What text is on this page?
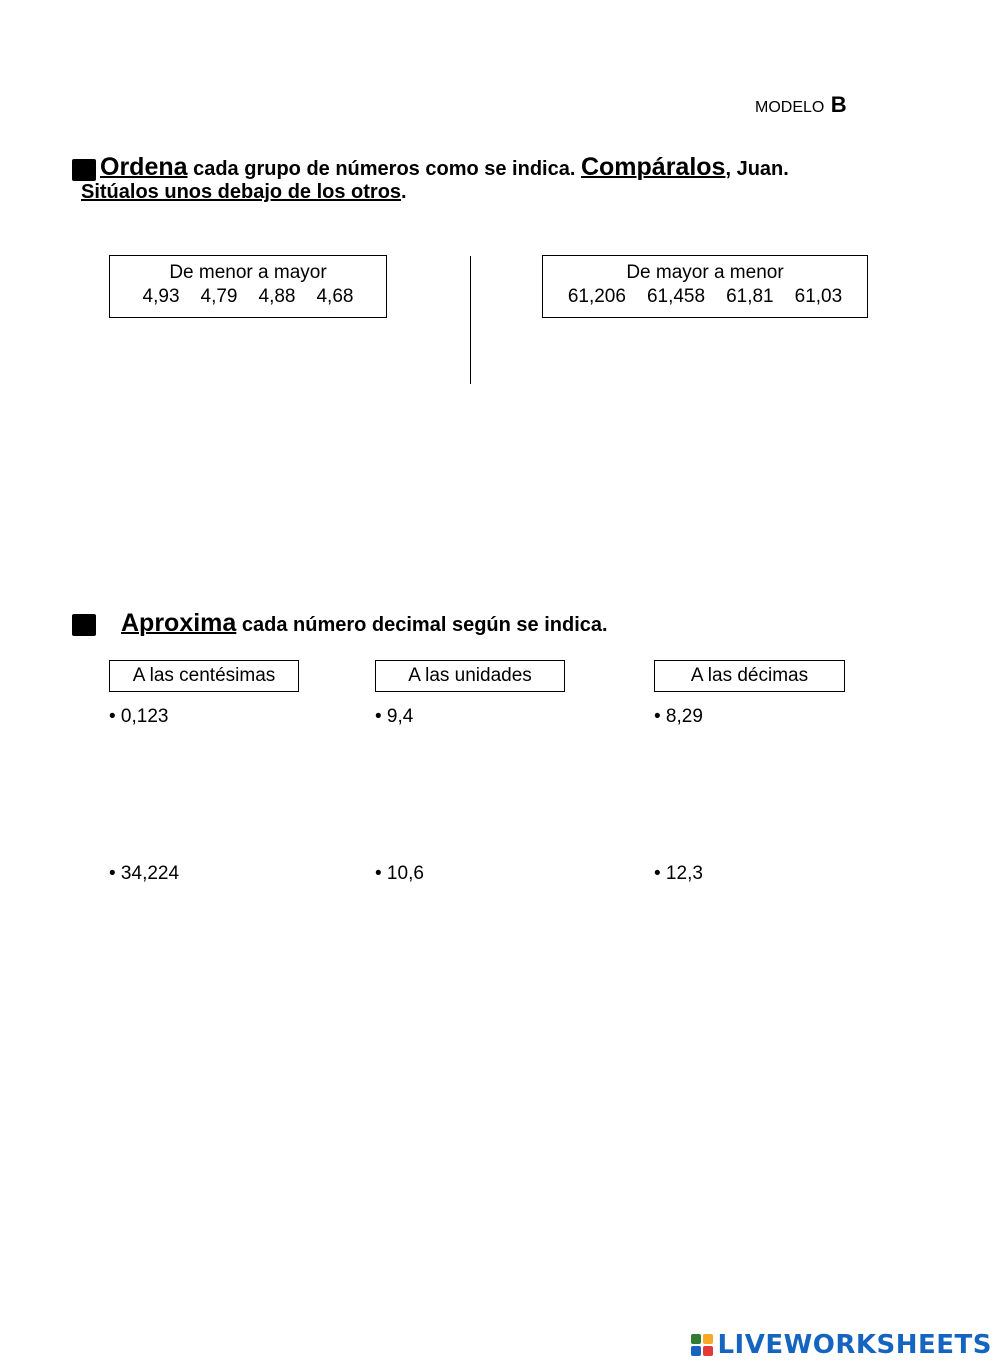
MODELO B
Ordena cada grupo de números como se indica. Compáralos, Juan.
Sitúalos unos debajo de los otros.
De menor a mayor
4,93 4,79 4,88 4,68
De mayor a menor
61,206 61,458 61,81 61,03
Aproxima cada número decimal según se indica.
A las centésimas	A las unidades	A las décimas
• 0,123	• 9,4	• 8,29
• 34,224	• 10,6	• 12,3
LIVEWORKSHEETS
